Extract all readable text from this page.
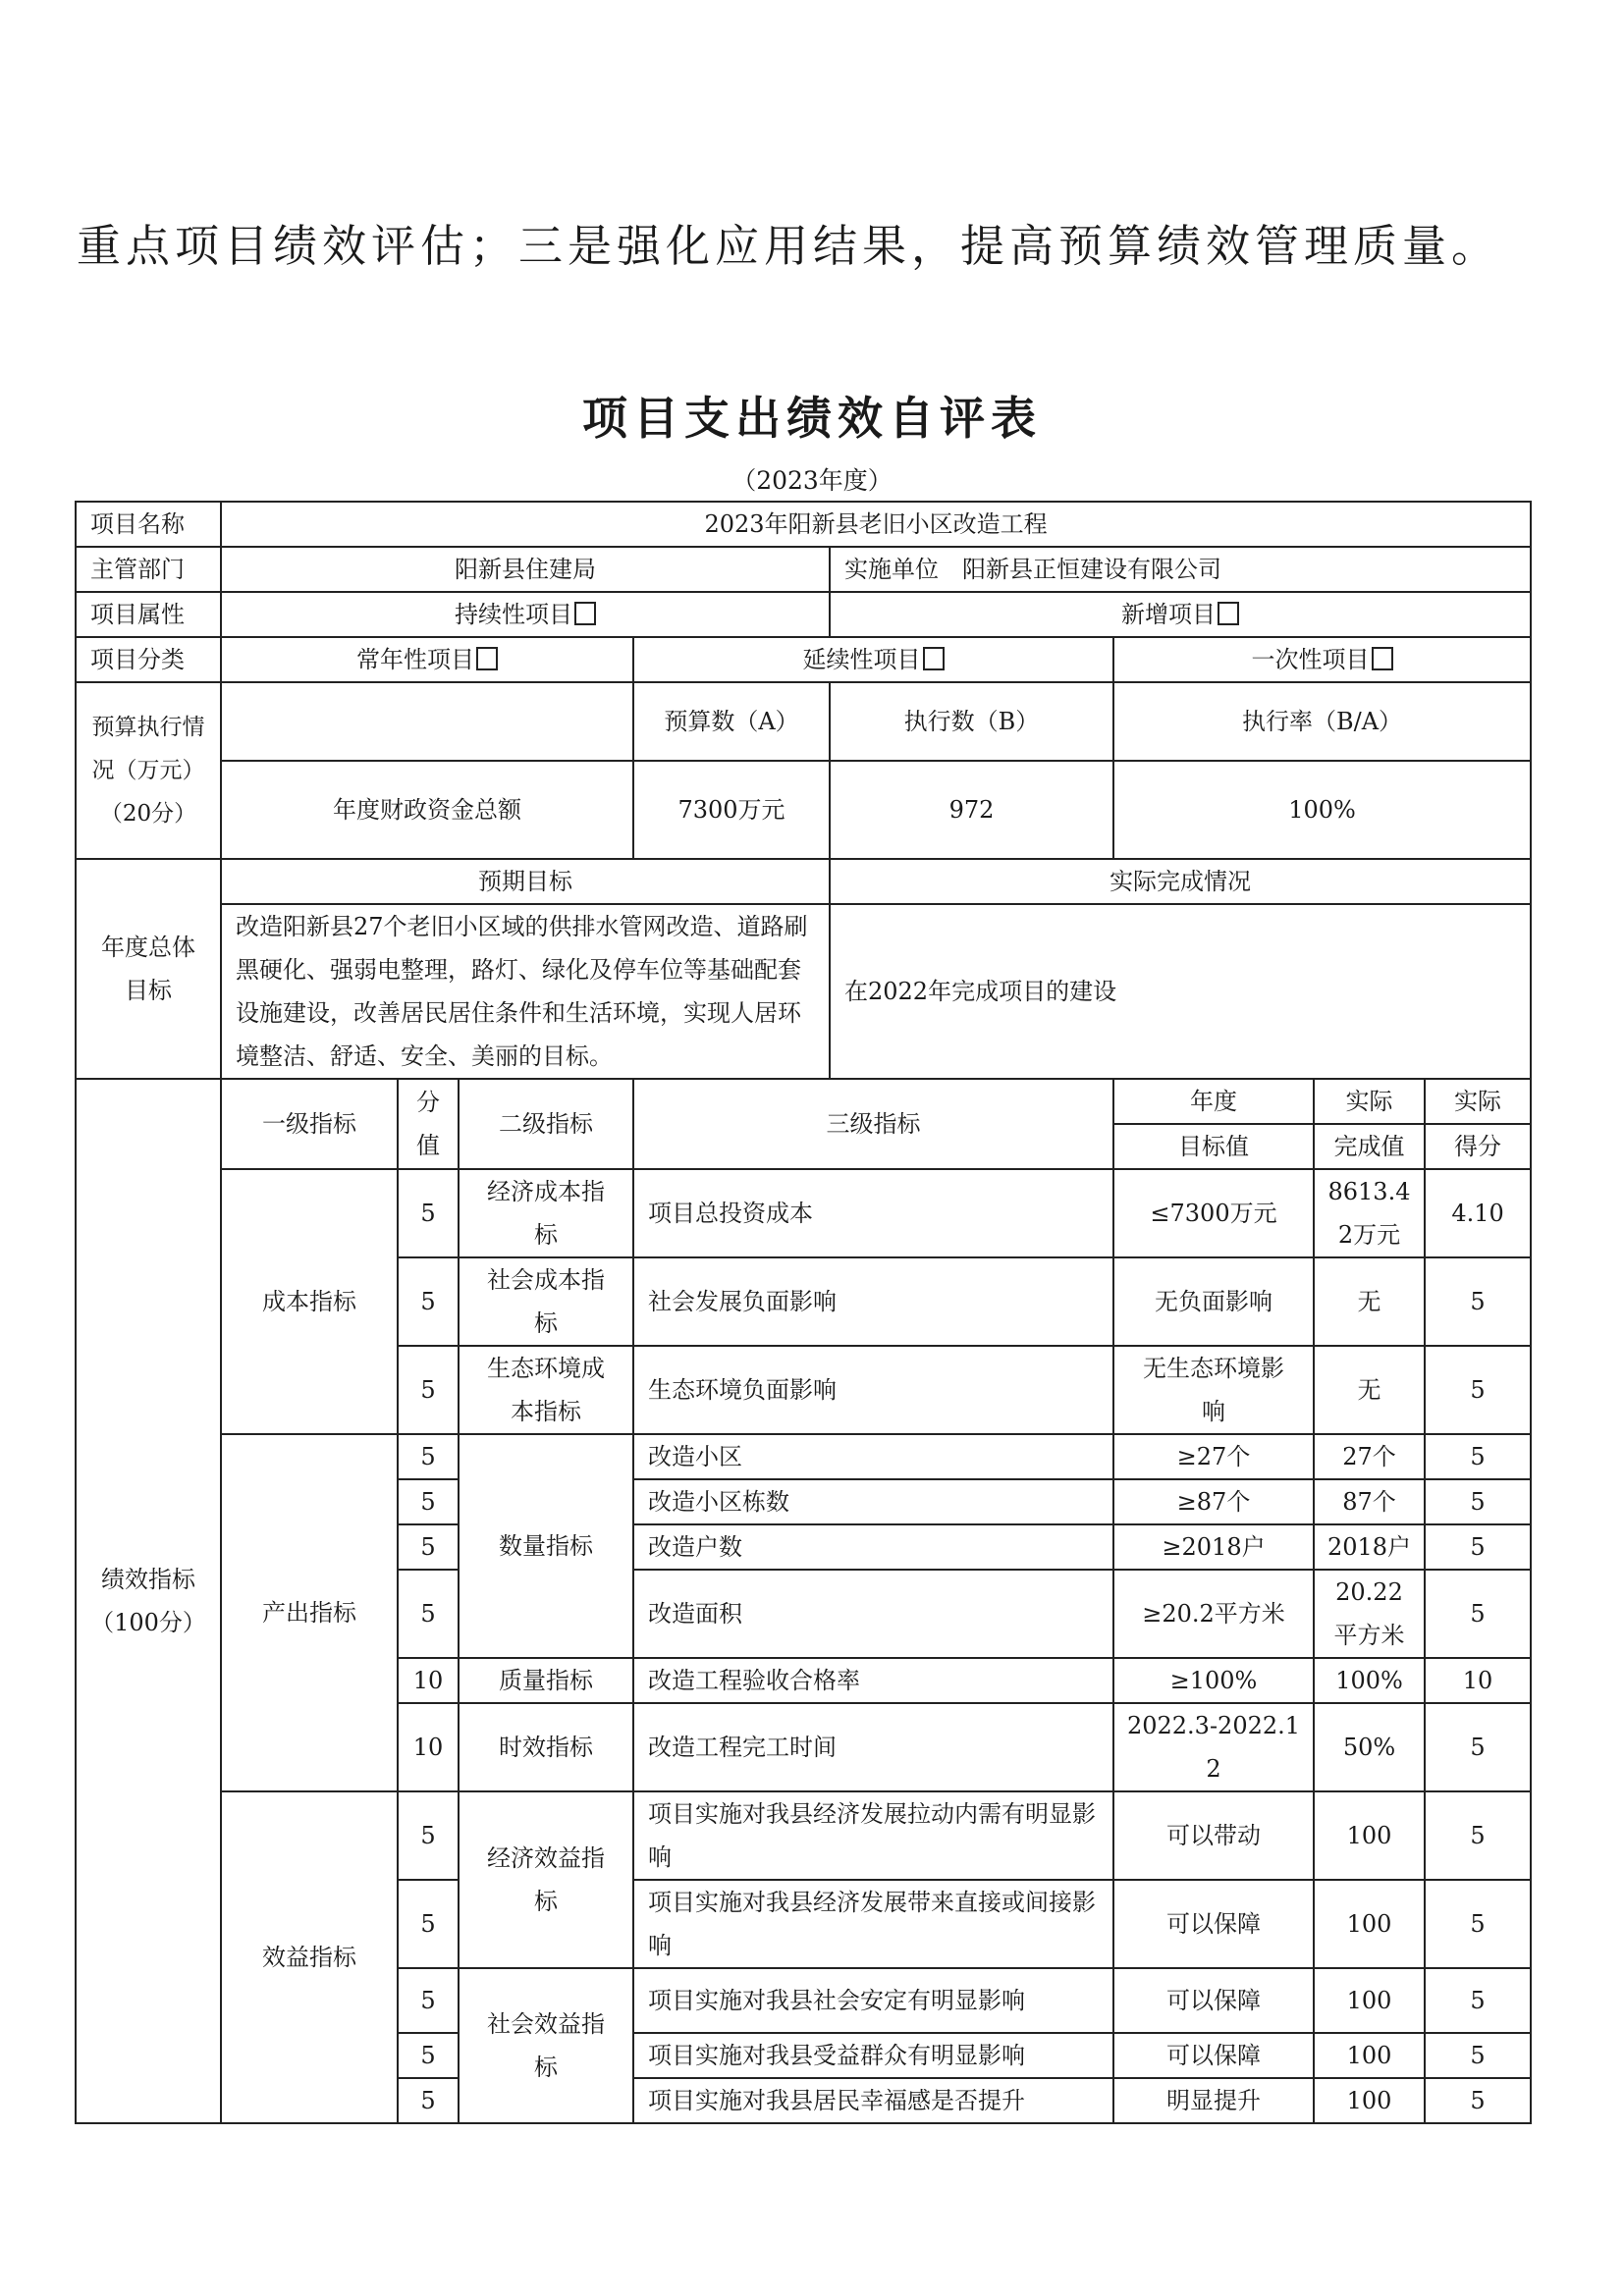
重点项目绩效评估；三是强化应用结果，提高预算绩效管理质量。
项目支出绩效自评表
（2023年度）
项目名称	2023年阳新县老旧小区改造工程							
主管部门	阳新县住建局				实施单位　阳新县正恒建设有限公司			
项目属性	持续性项目				新增项目			
项目分类	常年性项目			延续性项目		一次性项目		
预算执行情况（万元）（20分）				预算数（A）	执行数（B）	执行率（B/A）		
	年度财政资金总额			7300万元	972	100%		
年度总体目标	预期目标				实际完成情况			
	改造阳新县27个老旧小区域的供排水管网改造、道路刷黑硬化、强弱电整理，路灯、绿化及停车位等基础配套设施建设，改善居民居住条件和生活环境，实现人居环境整洁、舒适、安全、美丽的目标。				在2022年完成项目的建设			
绩效指标（100分）	一级指标	分值	二级指标	三级指标		年度	实际	实际
						目标值	完成值	得分
	成本指标	5	经济成本指标	项目总投资成本		≤7300万元	8613.42万元	4.10
		5	社会成本指标	社会发展负面影响		无负面影响	无	5
		5	生态环境成本指标	生态环境负面影响		无生态环境影响	无	5
	产出指标	5	数量指标	改造小区		≥27个	27个	5
		5		改造小区栋数		≥87个	87个	5
		5		改造户数		≥2018户	2018户	5
		5		改造面积		≥20.2平方米	20.22平方米	5
		10	质量指标	改造工程验收合格率		≥100%	100%	10
		10	时效指标	改造工程完工时间		2022.3-2022.12	50%	5
	效益指标	5	经济效益指标	项目实施对我县经济发展拉动内需有明显影响		可以带动	100	5
		5		项目实施对我县经济发展带来直接或间接影响		可以保障	100	5
		5	社会效益指标	项目实施对我县社会安定有明显影响		可以保障	100	5
		5		项目实施对我县受益群众有明显影响		可以保障	100	5
		5		项目实施对我县居民幸福感是否提升		明显提升	100	5
